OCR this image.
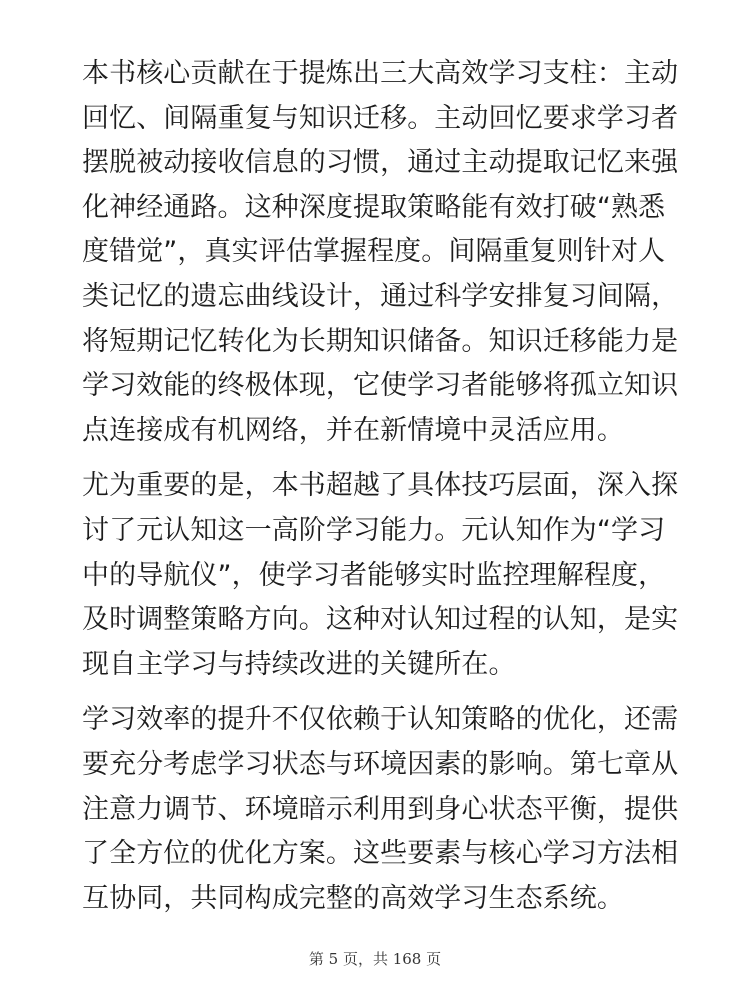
本书核心贡献在于提炼出三大高效学习支柱：主动
回忆、间隔重复与知识迁移。主动回忆要求学习者
摆脱被动接收信息的习惯，通过主动提取记忆来强
化神经通路。这种深度提取策略能有效打破“熟悉
度错觉”，真实评估掌握程度。间隔重复则针对人
类记忆的遗忘曲线设计，通过科学安排复习间隔，
将短期记忆转化为长期知识储备。知识迁移能力是
学习效能的终极体现，它使学习者能够将孤立知识
点连接成有机网络，并在新情境中灵活应用。

尤为重要的是，本书超越了具体技巧层面，深入探
讨了元认知这一高阶学习能力。元认知作为“学习
中的导航仪”，使学习者能够实时监控理解程度，
及时调整策略方向。这种对认知过程的认知，是实
现自主学习与持续改进的关键所在。

学习效率的提升不仅依赖于认知策略的优化，还需
要充分考虑学习状态与环境因素的影响。第七章从
注意力调节、环境暗示利用到身心状态平衡，提供
了全方位的优化方案。这些要素与核心学习方法相
互协同，共同构成完整的高效学习生态系统。

第 5 页，共 168 页
